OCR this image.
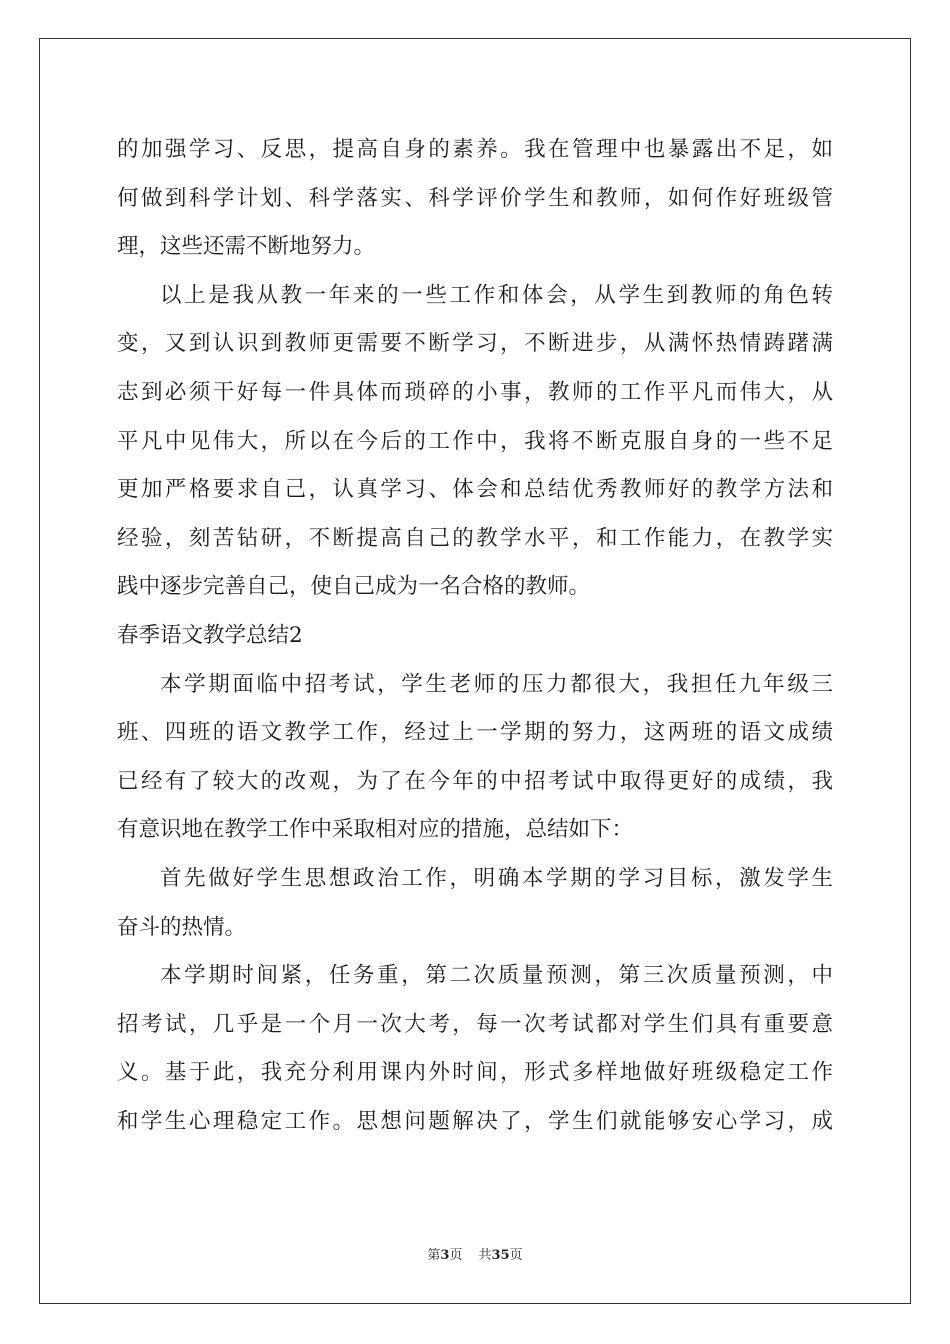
的加强学习、反思，提高自身的素养。我在管理中也暴露出不足，如
何做到科学计划、科学落实、科学评价学生和教师，如何作好班级管
理，这些还需不断地努力。
以上是我从教一年来的一些工作和体会，从学生到教师的角色转
变，又到认识到教师更需要不断学习，不断进步，从满怀热情踌躇满
志到必须干好每一件具体而琐碎的小事，教师的工作平凡而伟大，从
平凡中见伟大，所以在今后的工作中，我将不断克服自身的一些不足
更加严格要求自己，认真学习、体会和总结优秀教师好的教学方法和
经验，刻苦钻研，不断提高自己的教学水平，和工作能力，在教学实
践中逐步完善自己，使自己成为一名合格的教师。
春季语文教学总结2
本学期面临中招考试，学生老师的压力都很大，我担任九年级三
班、四班的语文教学工作，经过上一学期的努力，这两班的语文成绩
已经有了较大的改观，为了在今年的中招考试中取得更好的成绩，我
有意识地在教学工作中采取相对应的措施，总结如下：
首先做好学生思想政治工作，明确本学期的学习目标，激发学生
奋斗的热情。
本学期时间紧，任务重，第二次质量预测，第三次质量预测，中
招考试，几乎是一个月一次大考，每一次考试都对学生们具有重要意
义。基于此，我充分利用课内外时间，形式多样地做好班级稳定工作
和学生心理稳定工作。思想问题解决了，学生们就能够安心学习，成
第3页 共35页
